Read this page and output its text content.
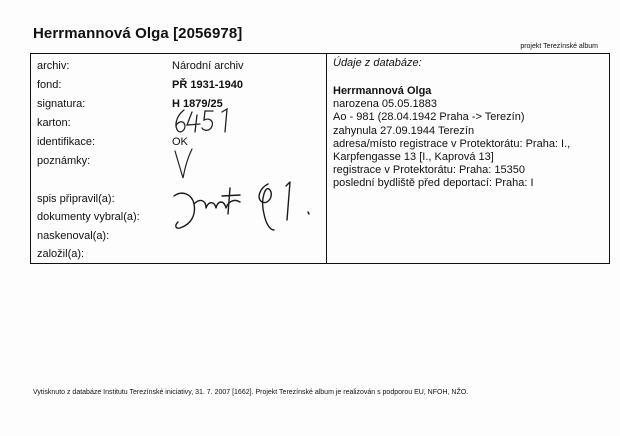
Herrmannová Olga [2056978]
projekt Terezínské album
archiv:	Národní archiv
fond:	PŘ 1931-1940
signatura:	H 1879/25
karton:
identifikace:	OK
poznámky:
spis připravil(a):
dokumenty vybral(a):
naskenoval(a):
založil(a):
Údaje z databáze:
Herrmannová Olga
narozena 05.05.1883
Ao - 981 (28.04.1942 Praha -> Terezín)
zahynula 27.09.1944 Terezín
adresa/místo registrace v Protektorátu: Praha: I.,
Karpfengasse 13 [I., Kaprová 13]
registrace v Protektorátu: Praha: 15350
poslední bydliště před deportací: Praha: I
Vytisknuto z databáze Institutu Terezínské iniciativy, 31. 7. 2007 [1662]. Projekt Terezínské album je realizován s podporou EU, NFOH, NŽO.
